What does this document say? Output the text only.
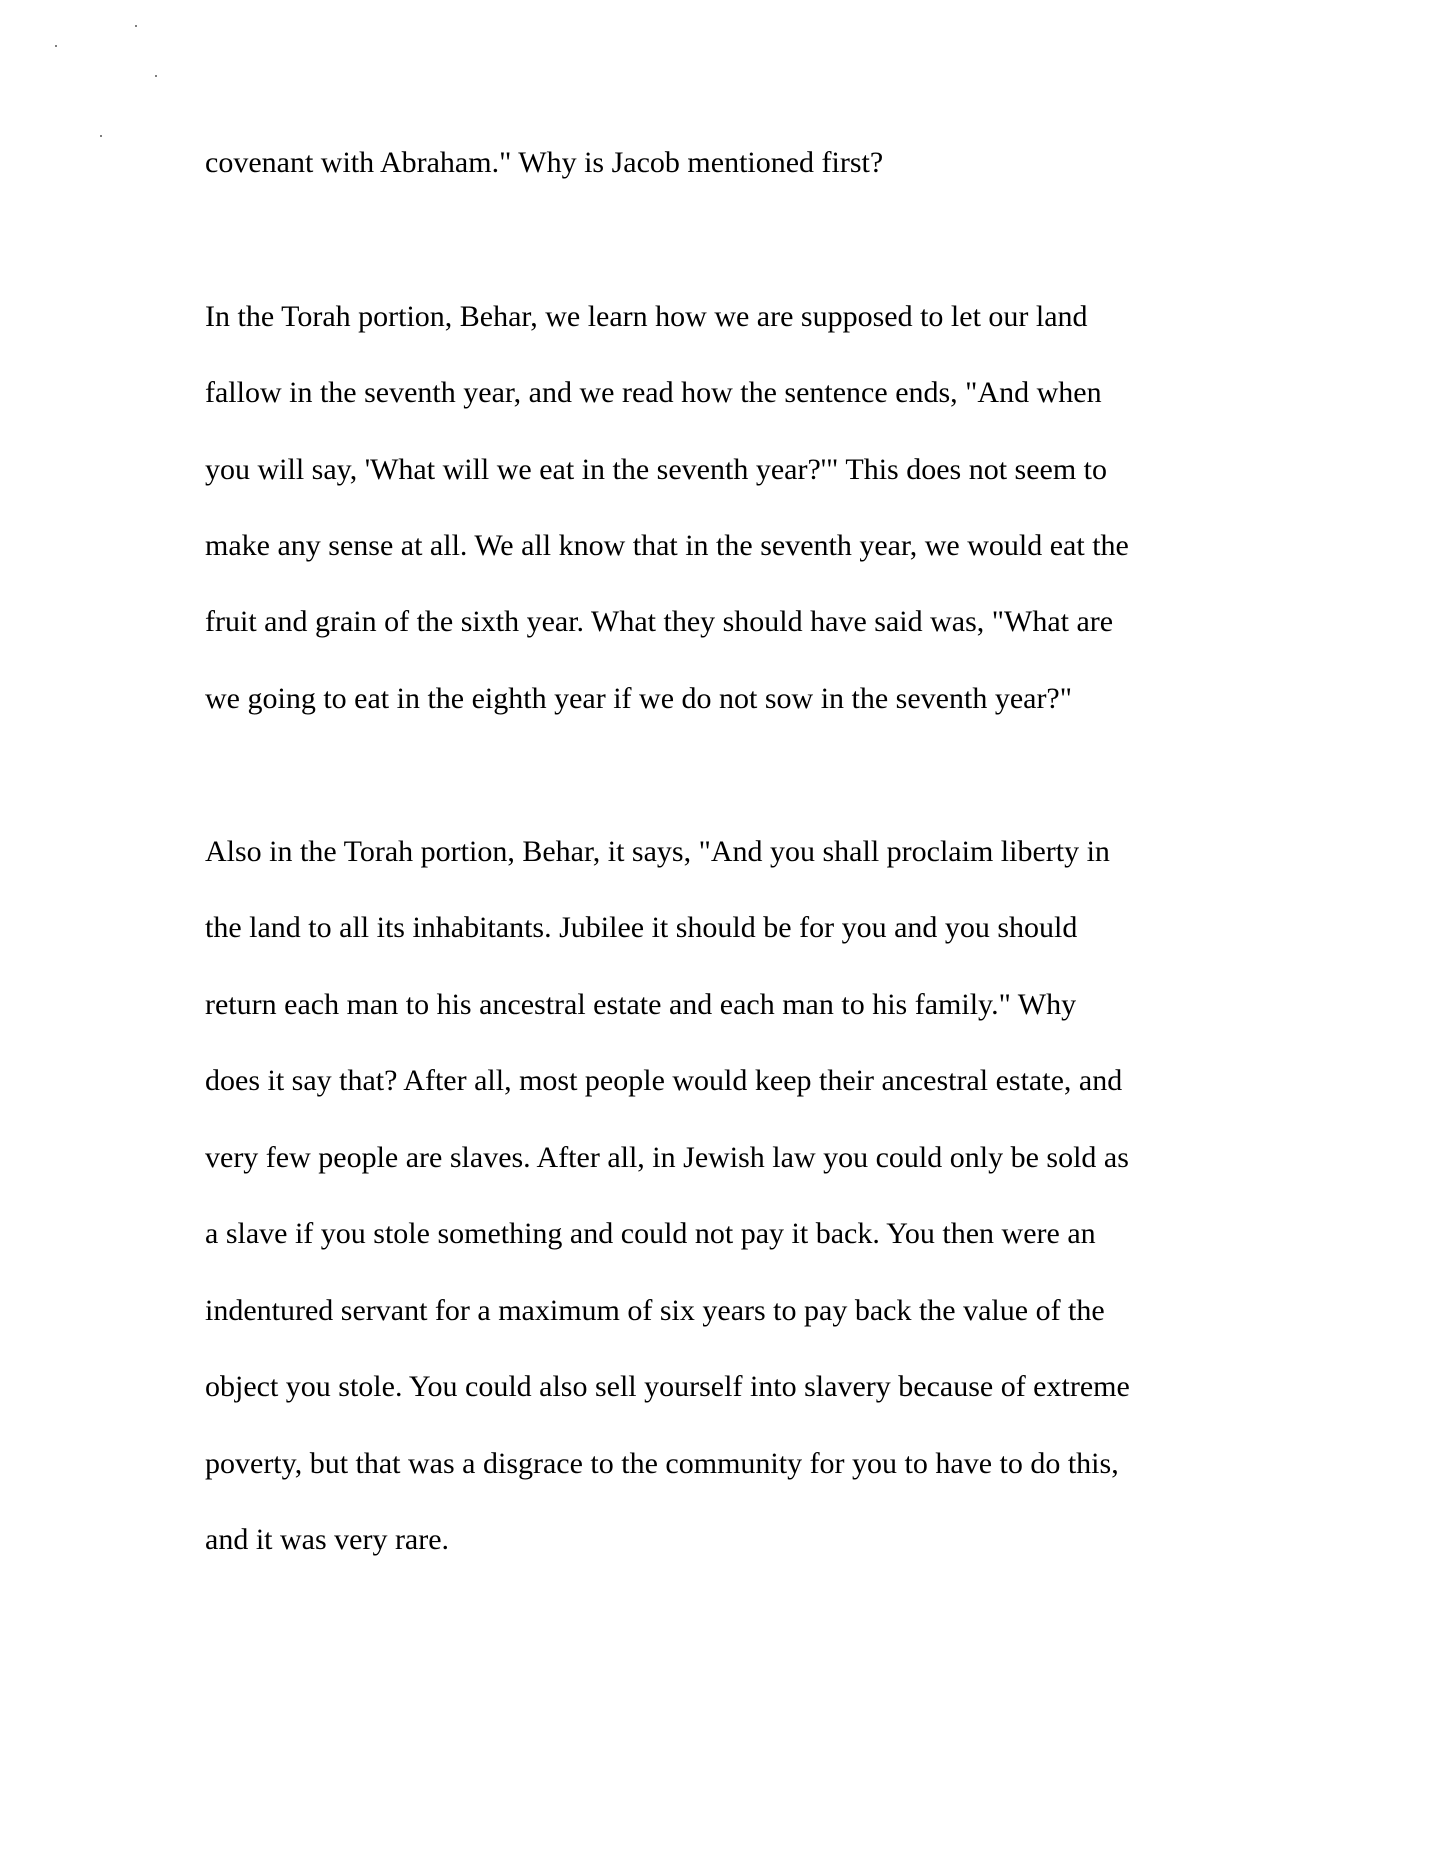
covenant with Abraham." Why is Jacob mentioned first?
In the Torah portion, Behar, we learn how we are supposed to let our land
fallow in the seventh year, and we read how the sentence ends, "And when
you will say, 'What will we eat in the seventh year?'" This does not seem to
make any sense at all. We all know that in the seventh year, we would eat the
fruit and grain of the sixth year. What they should have said was, "What are
we going to eat in the eighth year if we do not sow in the seventh year?"
Also in the Torah portion, Behar, it says, "And you shall proclaim liberty in
the land to all its inhabitants. Jubilee it should be for you and you should
return each man to his ancestral estate and each man to his family." Why
does it say that? After all, most people would keep their ancestral estate, and
very few people are slaves. After all, in Jewish law you could only be sold as
a slave if you stole something and could not pay it back. You then were an
indentured servant for a maximum of six years to pay back the value of the
object you stole. You could also sell yourself into slavery because of extreme
poverty, but that was a disgrace to the community for you to have to do this,
and it was very rare.
